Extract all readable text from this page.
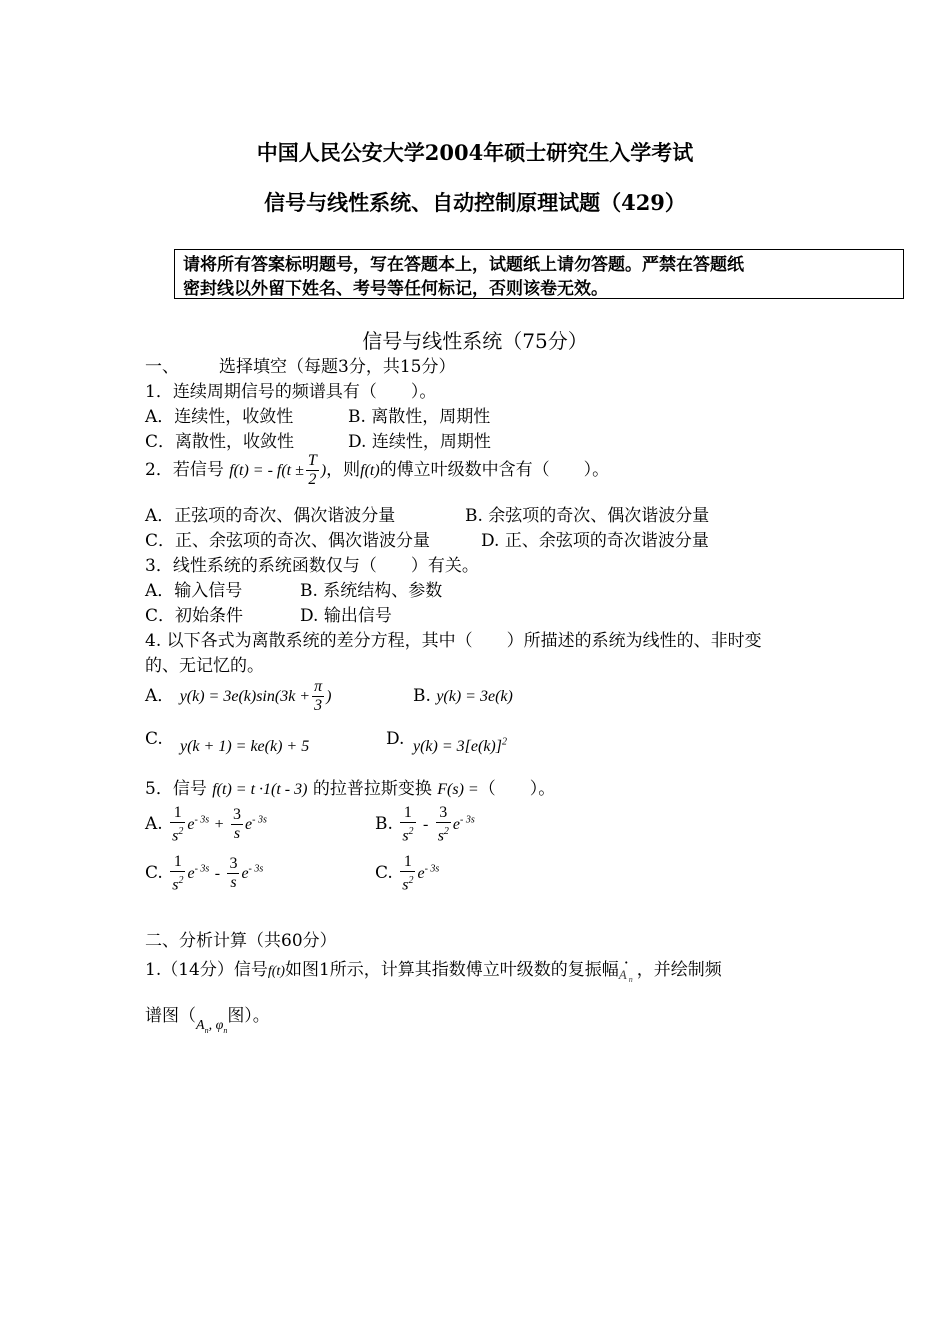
中国人民公安大学2004年硕士研究生入学考试
信号与线性系统、自动控制原理试题（429）
请将所有答案标明题号，写在答题本上，试题纸上请勿答题。严禁在答题纸
密封线以外留下姓名、考号等任何标记，否则该卷无效。
信号与线性系统（75分）
一、 选择填空（每题3分，共15分）
1．连续周期信号的频谱具有（　　）。
A．连续性，收敛性	B. 离散性，周期性
C．离散性，收敛性	D. 连续性，周期性
2．若信号 f(t) = - $f(t \pm \frac{T}{2}$ )，则f(t)的傅立叶级数中含有（　　）。
A．正弦项的奇次、偶次谐波分量	B. 余弦项的奇次、偶次谐波分量
C．正、余弦项的奇次、偶次谐波分量	D. 正、余弦项的奇次谐波分量
3．线性系统的系统函数仅与（　　）有关。
A．输入信号	B. 系统结构、参数
C．初始条件	D. 输出信号
4. 以下各式为离散系统的差分方程，其中（　　）所描述的系统为线性的、非时变
的、无记忆的。
A． $y(k) = 3e(k)\sin(3k + \frac{\pi}{3}$ )	B. y(k) = 3e(k)
C. y(k + 1) = ke(k) + 5	D. $y(k) = 3[e(k)]^2$
5．信号 f(t) = t ·1(t - 3) 的拉普拉斯变换 F(s) =（　　）。
A. $\frac{1}{s^2} e^{- 3s} + \frac{3}{s} e^{- 3s}$	B. $\frac{1}{s^2} - \frac{3}{s^2} e^{- 3s}$
C. $\frac{1}{s^2} e^{- 3s} - \frac{3}{s} e^{- 3s}$	C. $\frac{1}{s^2} e^{- 3s}$
二、分析计算（共60分）
1.（14分）信号f(t)如图1所示，计算其指数傅立叶级数的复振幅 ·
A n ，并绘制频
谱图（$_{A_n, \varphi_n}$图）。
